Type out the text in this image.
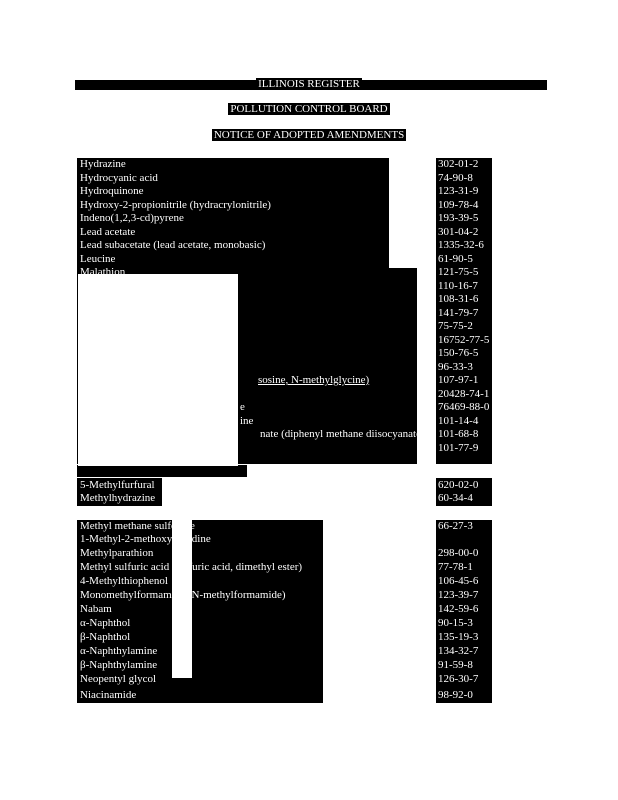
ILLINOIS REGISTER
POLLUTION CONTROL BOARD
NOTICE OF ADOPTED AMENDMENTS
Hydrazine	302-01-2
Hydrocyanic acid	74-90-8
Hydroquinone	123-31-9
Hydroxy-2-propionitrile (hydracrylonitrile)	109-78-4
Indeno(1,2,3-cd)pyrene	193-39-5
Lead acetate	301-04-2
Lead subacetate (lead acetate, monobasic)	1335-32-6
Leucine	61-90-5
Malathion	121-75-5
110-16-7
108-31-6
141-79-7
75-75-2
16752-77-5
150-76-5
96-33-3
sosine, N-methylglycine)	107-97-1
20428-74-1
e	76469-88-0
ine	101-14-4
nate (diphenyl methane diisocyanate) 101-68-8
101-77-9
5-Methylfurfural	620-02-0
Methylhydrazine	60-34-4
Methyl methane sulfonate	66-27-3
1-Methyl-2-methoxyaziridine
Methylparathion	298-00-0
Methyl sulfuric acid (sulfuric acid, dimethyl ester)	77-78-1
4-Methylthiophenol	106-45-6
Monomethylformamide (N-methylformamide)	123-39-7
Nabam	142-59-6
α-Naphthol	90-15-3
β-Naphthol	135-19-3
α-Naphthylamine	134-32-7
β-Naphthylamine	91-59-8
Neopentyl glycol	126-30-7
Niacinamide	98-92-0
